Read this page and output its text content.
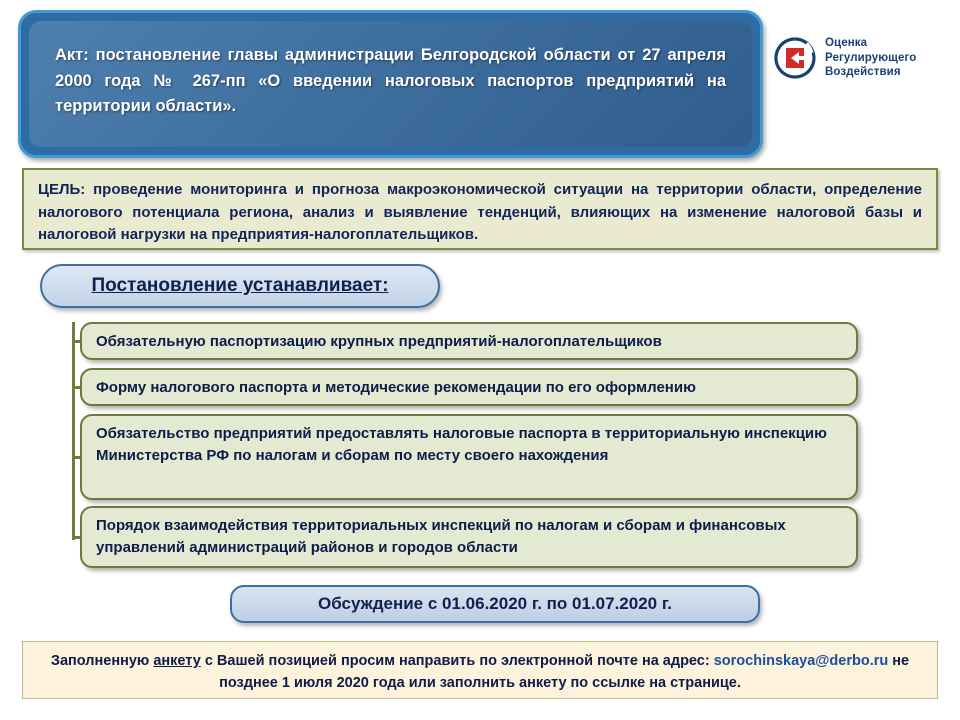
Акт: постановление главы администрации Белгородской области от 27 апреля 2000 года № 267-пп «О введении налоговых паспортов предприятий на территории области».
Оценка
Регулирующего
Воздействия
ЦЕЛЬ: проведение мониторинга и прогноза макроэкономической ситуации на территории области, определение налогового потенциала региона, анализ и выявление тенденций, влияющих на изменение налоговой базы и налоговой нагрузки на предприятия-налогоплательщиков.
Постановление устанавливает:
Обязательную паспортизацию крупных предприятий-налогоплательщиков
Форму налогового паспорта и методические рекомендации по его оформлению
Обязательство предприятий предоставлять налоговые паспорта в территориальную инспекцию Министерства РФ по налогам и сборам по месту своего нахождения
Порядок взаимодействия территориальных инспекций по налогам и сборам и финансовых управлений администраций районов и городов области
Обсуждение с 01.06.2020 г. по 01.07.2020 г.
Заполненную анкету с Вашей позицией просим направить по электронной почте на адрес: sorochinskaya@derbo.ru не позднее 1 июля 2020 года или заполнить анкету по ссылке на странице.
